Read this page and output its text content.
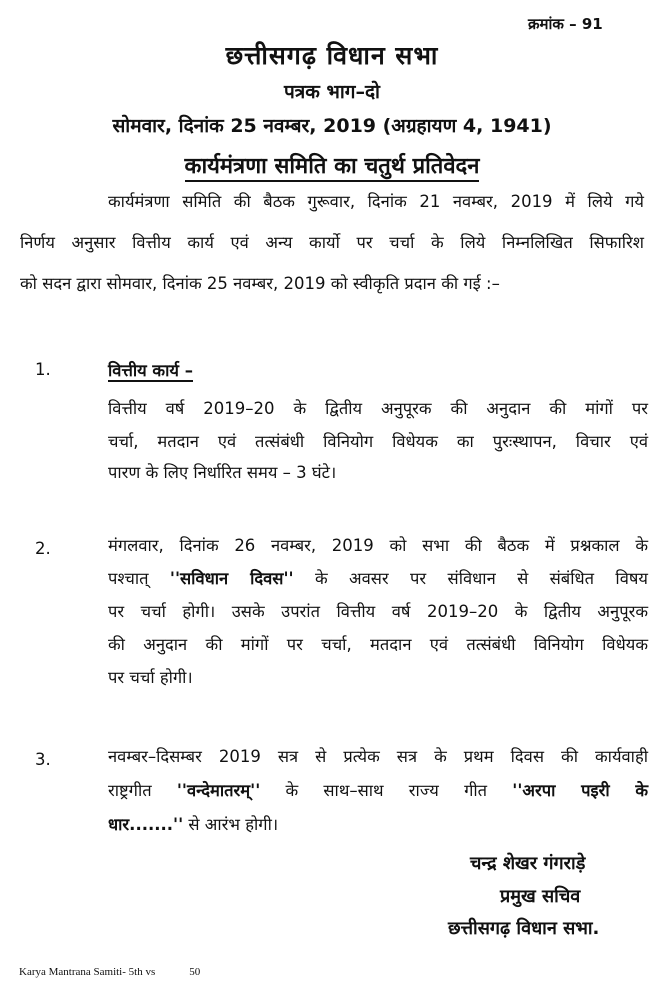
क्रमांक – 91
छत्तीसगढ़ विधान सभा
पत्रक भाग–दो
सोमवार, दिनांक 25 नवम्बर, 2019 (अग्रहायण 4, 1941)
कार्यमंत्रणा समिति का चतुर्थ प्रतिवेदन
कार्यमंत्रणा समिति की बैठक गुरूवार, दिनांक 21 नवम्बर, 2019 में लिये गये
निर्णय अनुसार वित्तीय कार्य एवं अन्य कार्यो पर चर्चा के लिये निम्नलिखित सिफारिश
को सदन द्वारा सोमवार, दिनांक 25 नवम्बर, 2019 को स्वीकृति प्रदान की गई :–
1.	वित्तीय कार्य –
वित्तीय वर्ष 2019–20 के द्वितीय अनुपूरक की अनुदान की मांगों पर
चर्चा, मतदान एवं तत्संबंधी विनियोग विधेयक का पुरःस्थापन, विचार एवं
पारण के लिए निर्धारित समय – 3 घंटे।
2.	मंगलवार, दिनांक 26 नवम्बर, 2019 को सभा की बैठक में प्रश्नकाल के
पश्चात् ''सविधान दिवस'' के अवसर पर संविधान से संबंधित विषय
पर चर्चा होगी। उसके उपरांत वित्तीय वर्ष 2019–20 के द्वितीय अनुपूरक
की अनुदान की मांगों पर चर्चा, मतदान एवं तत्संबंधी विनियोग विधेयक
पर चर्चा होगी।
3.	नवम्बर–दिसम्बर 2019 सत्र से प्रत्येक सत्र के प्रथम दिवस की कार्यवाही
राष्ट्रगीत ''वन्देमातरम्'' के साथ–साथ राज्य गीत ''अरपा पइरी के
धार.......'' से आरंभ होगी।
चन्द्र शेखर गंगराड़े
प्रमुख सचिव
छत्तीसगढ़ विधान सभा.
Karya Mantrana Samiti- 5th vs	50
